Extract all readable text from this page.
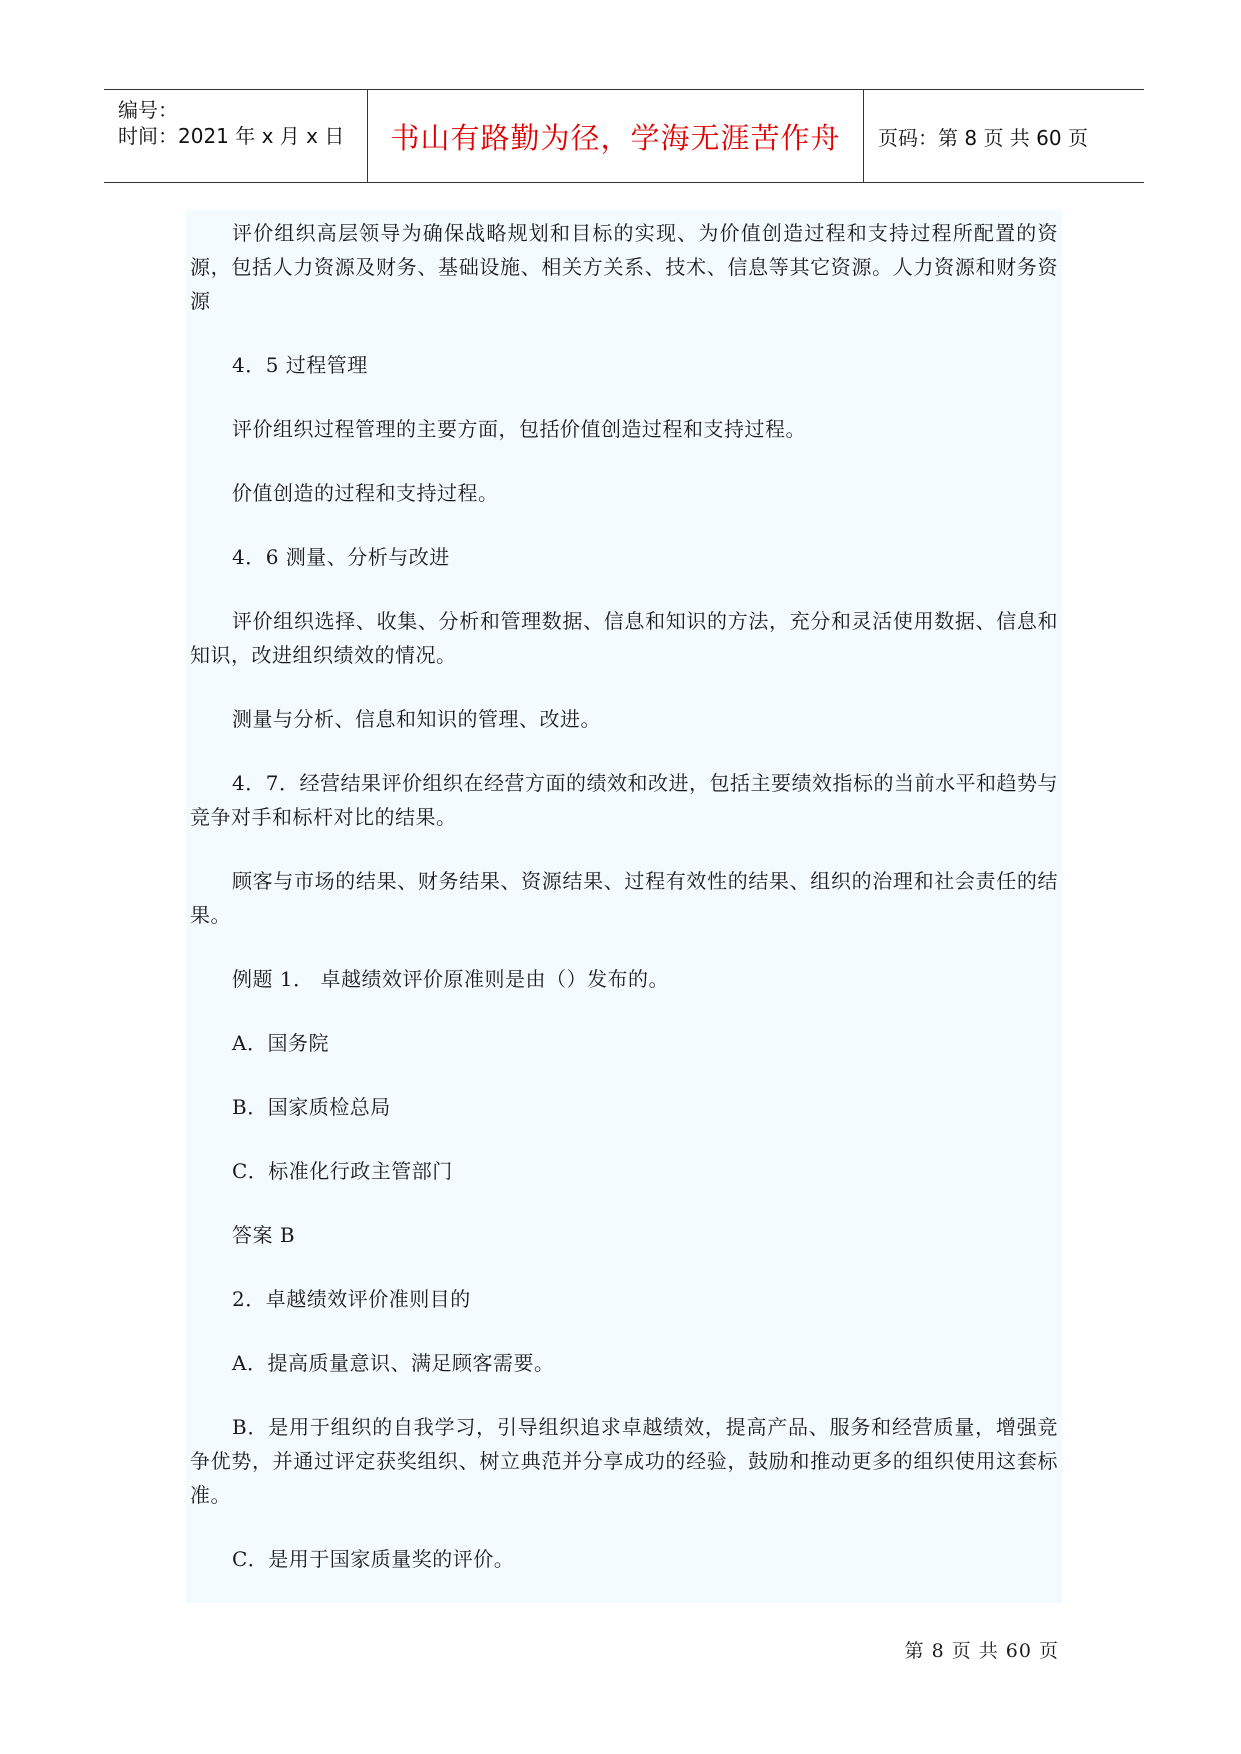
编号：
时间：2021 年 x 月 x 日 书山有路勤为径，学海无涯苦作舟 页码：第 8 页 共 60 页

评价组织高层领导为确保战略规划和目标的实现、为价值创造过程和支持过程所配置的资源，包括人力资源及财务、基础设施、相关方关系、技术、信息等其它资源。人力资源和财务资源

4．5 过程管理

评价组织过程管理的主要方面，包括价值创造过程和支持过程。

价值创造的过程和支持过程。

4．6 测量、分析与改进

评价组织选择、收集、分析和管理数据、信息和知识的方法，充分和灵活使用数据、信息和知识，改进组织绩效的情况。

测量与分析、信息和知识的管理、改进。

4．7．经营结果评价组织在经营方面的绩效和改进，包括主要绩效指标的当前水平和趋势与竞争对手和标杆对比的结果。

顾客与市场的结果、财务结果、资源结果、过程有效性的结果、组织的治理和社会责任的结果。

例题 1． 卓越绩效评价原准则是由（）发布的。

A．国务院

B．国家质检总局

C．标准化行政主管部门

答案 B

2．卓越绩效评价准则目的

A．提高质量意识、满足顾客需要。

B．是用于组织的自我学习，引导组织追求卓越绩效，提高产品、服务和经营质量，增强竞争优势，并通过评定获奖组织、树立典范并分享成功的经验，鼓励和推动更多的组织使用这套标准。

C．是用于国家质量奖的评价。

第 8 页 共 60 页
